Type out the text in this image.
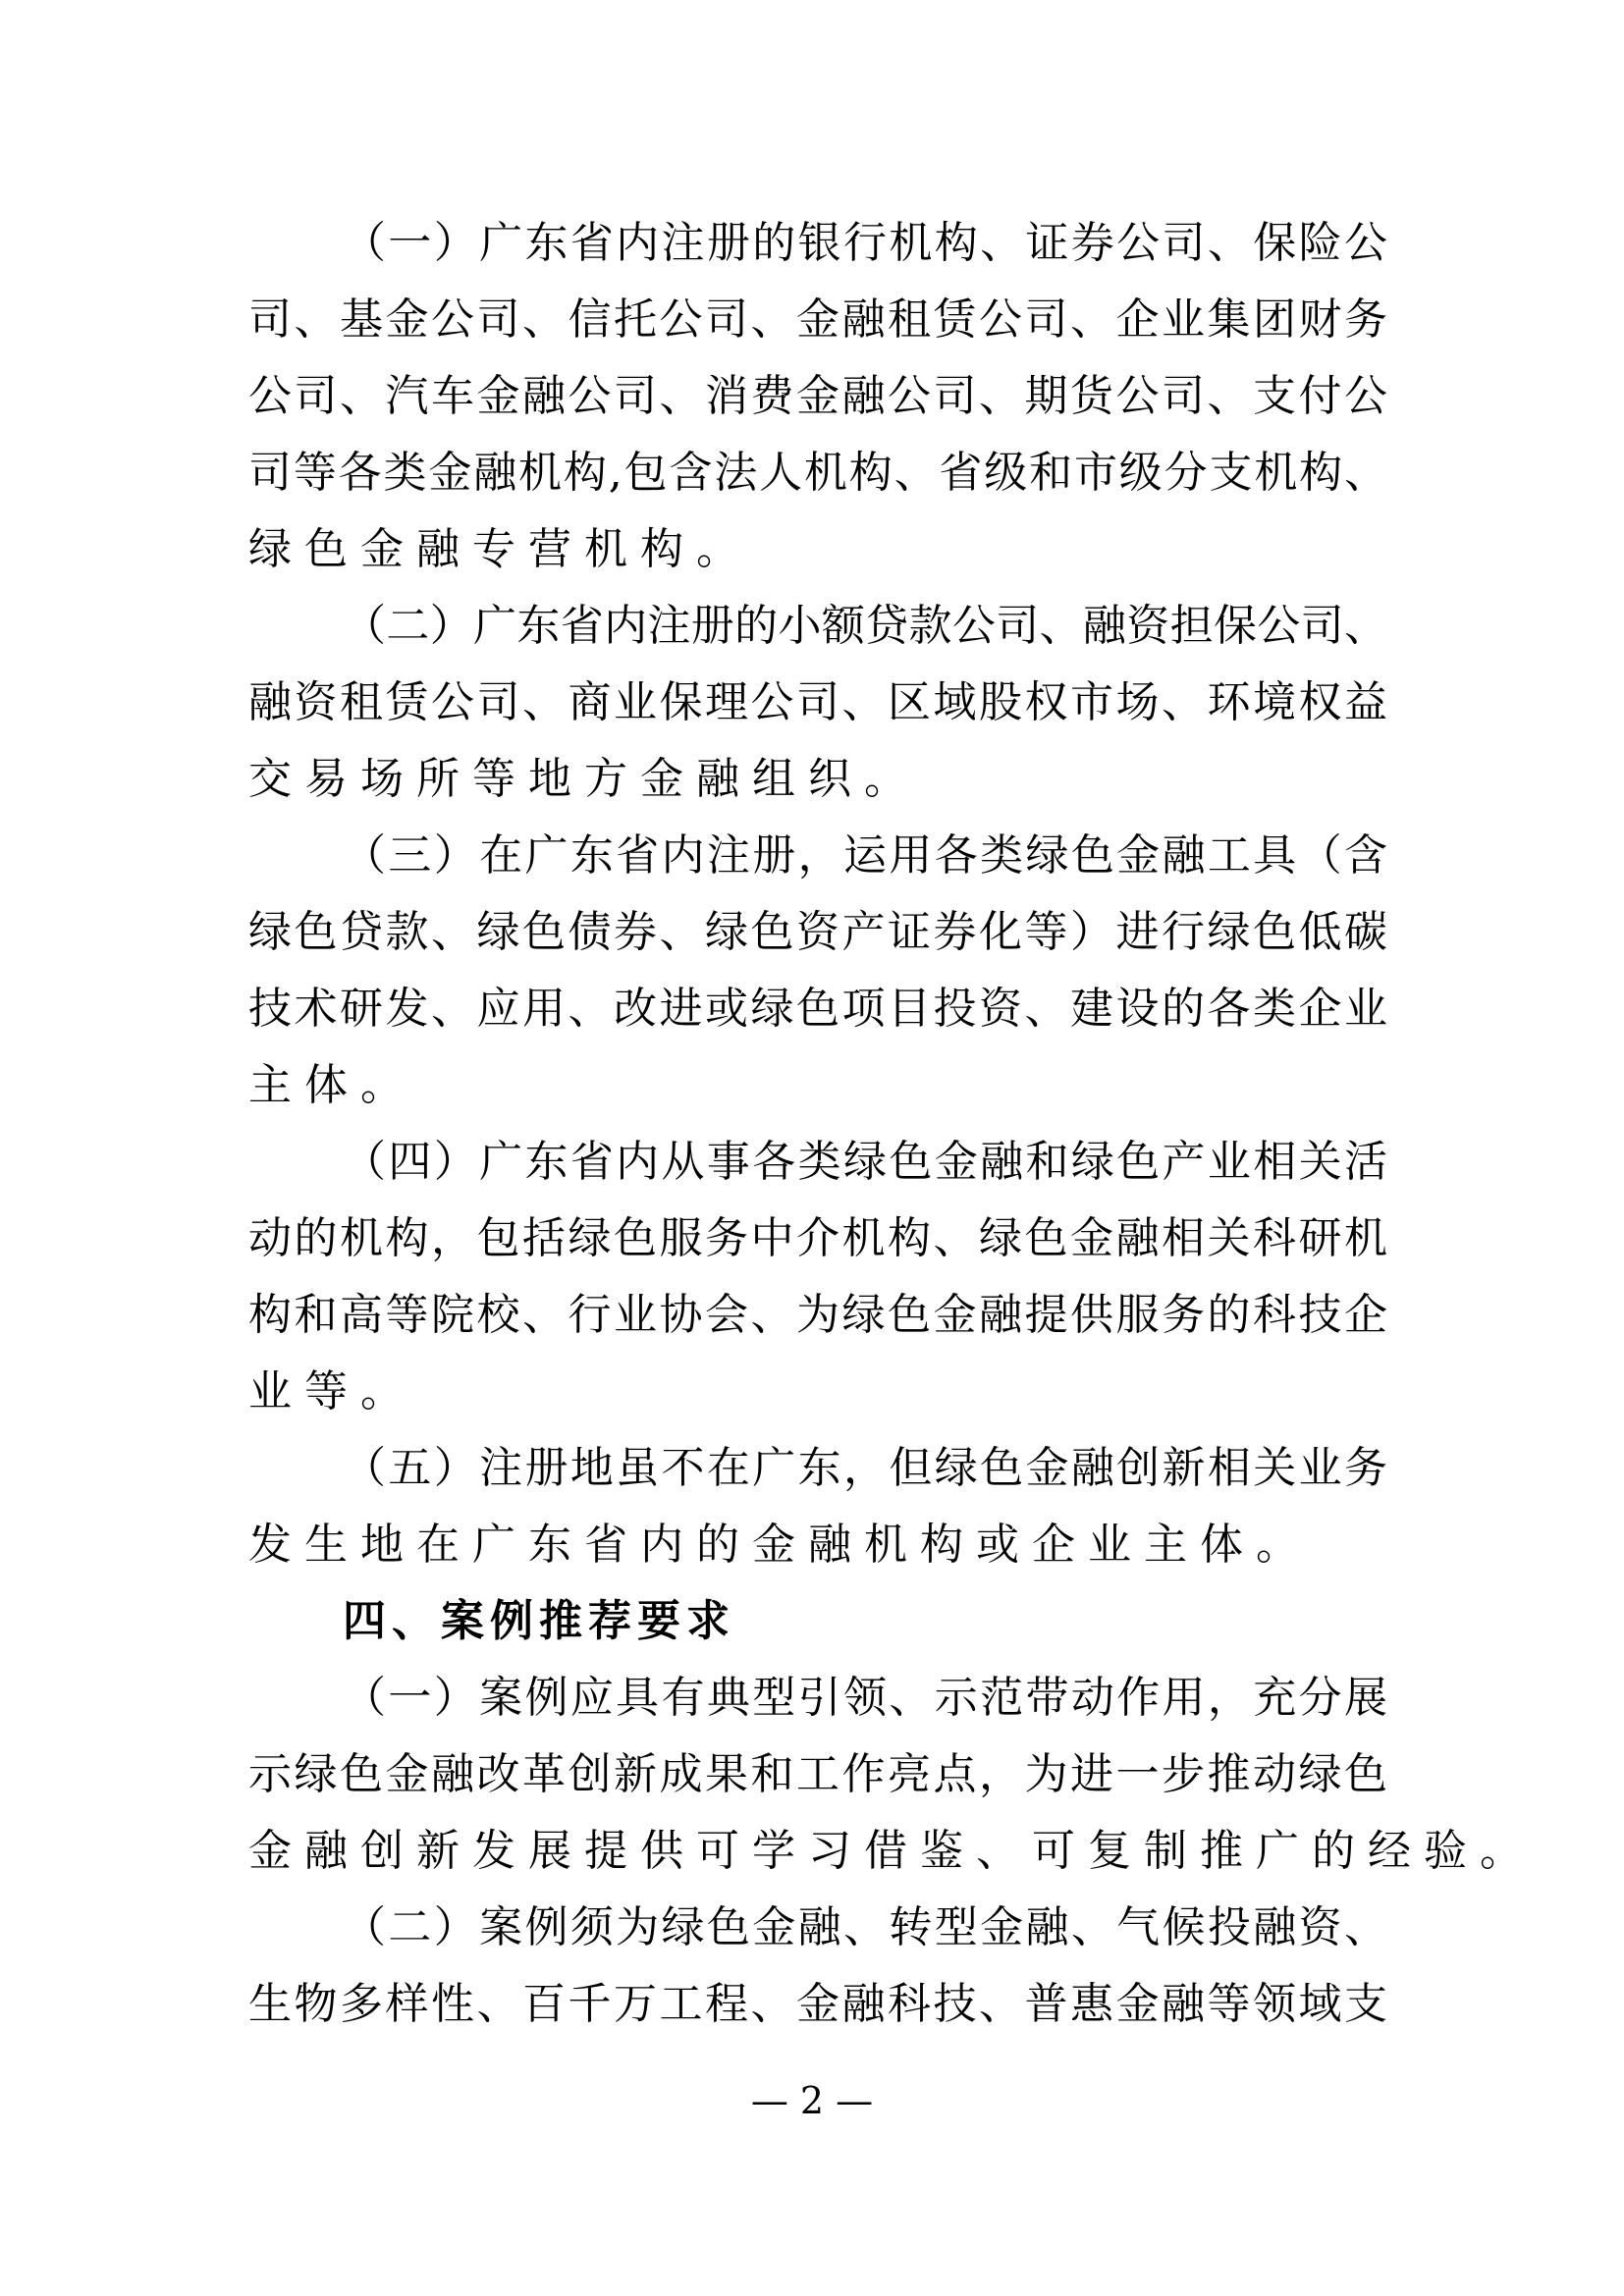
（一）广东省内注册的银行机构、证券公司、保险公
司、基金公司、信托公司、金融租赁公司、企业集团财务
公司、汽车金融公司、消费金融公司、期货公司、支付公
司等各类金融机构,包含法人机构、省级和市级分支机构、
绿色金融专营机构。
（二）广东省内注册的小额贷款公司、融资担保公司、
融资租赁公司、商业保理公司、区域股权市场、环境权益
交易场所等地方金融组织。
（三）在广东省内注册，运用各类绿色金融工具（含
绿色贷款、绿色债券、绿色资产证券化等）进行绿色低碳
技术研发、应用、改进或绿色项目投资、建设的各类企业
主体。
（四）广东省内从事各类绿色金融和绿色产业相关活
动的机构，包括绿色服务中介机构、绿色金融相关科研机
构和高等院校、行业协会、为绿色金融提供服务的科技企
业等。
（五）注册地虽不在广东，但绿色金融创新相关业务
发生地在广东省内的金融机构或企业主体。
四、案例推荐要求
（一）案例应具有典型引领、示范带动作用，充分展
示绿色金融改革创新成果和工作亮点，为进一步推动绿色
金融创新发展提供可学习借鉴、可复制推广的经验。
（二）案例须为绿色金融、转型金融、气候投融资、
生物多样性、百千万工程、金融科技、普惠金融等领域支
— 2 —
